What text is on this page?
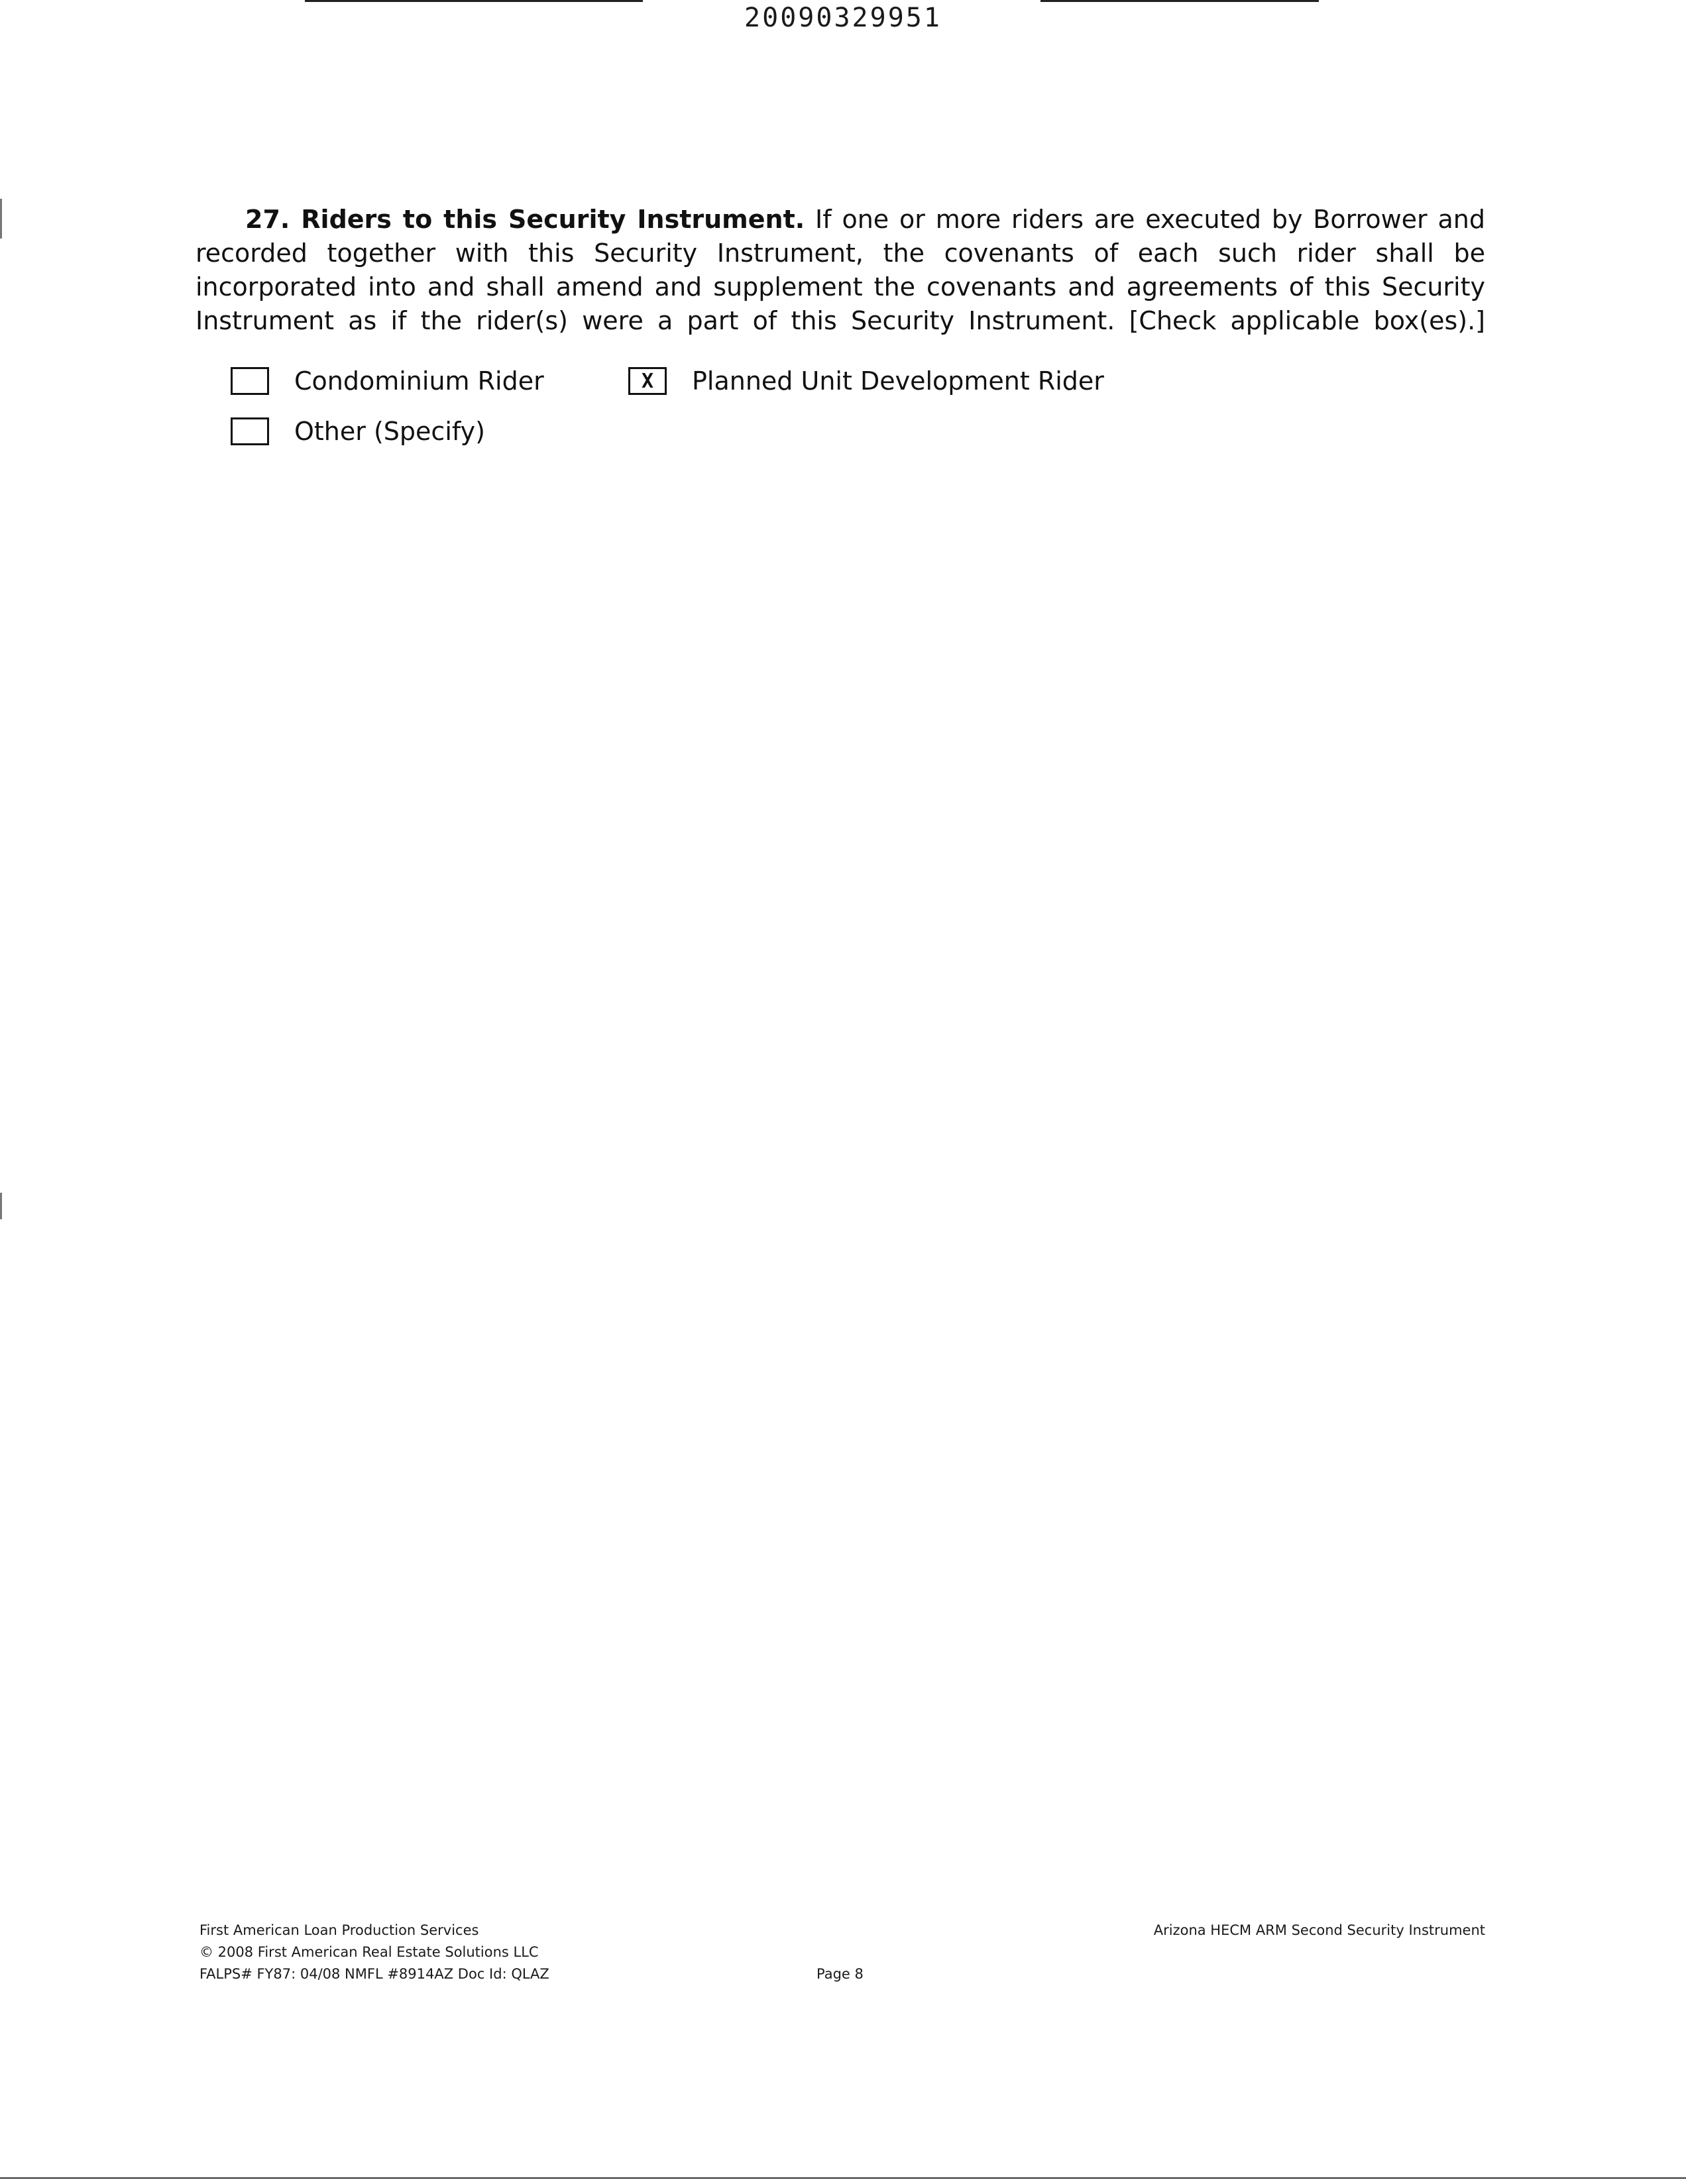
20090329951
27. Riders to this Security Instrument. If one or more riders are executed by Borrower and recorded together with this Security Instrument, the covenants of each such rider shall be incorporated into and shall amend and supplement the covenants and agreements of this Security Instrument as if the rider(s) were a part of this Security Instrument. [Check applicable box(es).]
Condominium Rider	X	Planned Unit Development Rider
Other (Specify)
First American Loan Production Services
© 2008 First American Real Estate Solutions LLC
FALPS# FY87: 04/08 NMFL #8914AZ Doc Id: QLAZ	Page 8
Arizona HECM ARM Second Security Instrument
